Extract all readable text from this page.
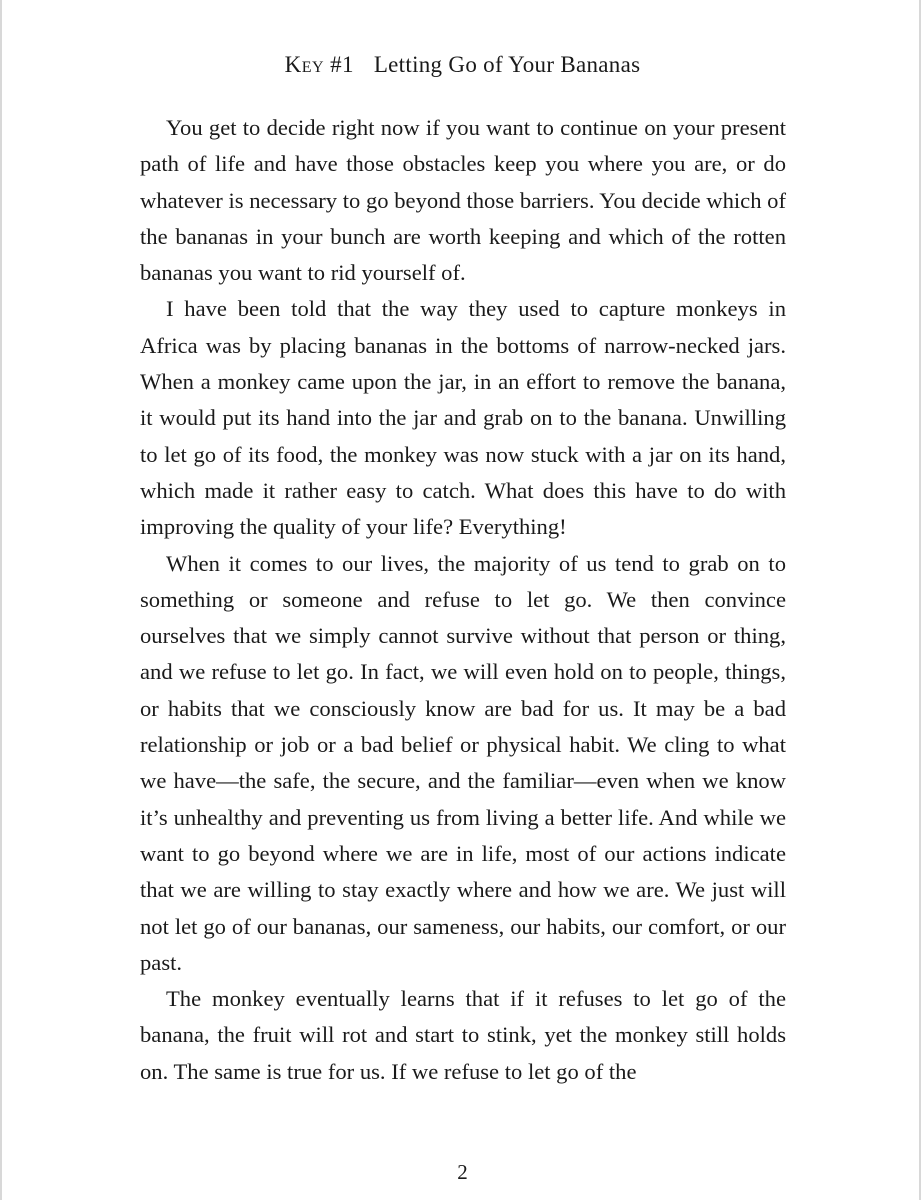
Key #1 Letting Go of Your Bananas

You get to decide right now if you want to continue on your present path of life and have those obstacles keep you where you are, or do whatever is necessary to go beyond those barriers. You decide which of the bananas in your bunch are worth keeping and which of the rotten bananas you want to rid yourself of.

I have been told that the way they used to capture monkeys in Africa was by placing bananas in the bottoms of narrow-necked jars. When a monkey came upon the jar, in an effort to remove the banana, it would put its hand into the jar and grab on to the banana. Unwilling to let go of its food, the monkey was now stuck with a jar on its hand, which made it rather easy to catch. What does this have to do with improving the quality of your life? Everything!

When it comes to our lives, the majority of us tend to grab on to something or someone and refuse to let go. We then convince ourselves that we simply cannot survive without that person or thing, and we refuse to let go. In fact, we will even hold on to people, things, or habits that we consciously know are bad for us. It may be a bad relationship or job or a bad belief or physical habit. We cling to what we have—the safe, the secure, and the familiar—even when we know it’s unhealthy and preventing us from living a better life. And while we want to go beyond where we are in life, most of our actions indicate that we are willing to stay exactly where and how we are. We just will not let go of our bananas, our sameness, our habits, our comfort, or our past.

The monkey eventually learns that if it refuses to let go of the banana, the fruit will rot and start to stink, yet the monkey still holds on. The same is true for us. If we refuse to let go of the

2
